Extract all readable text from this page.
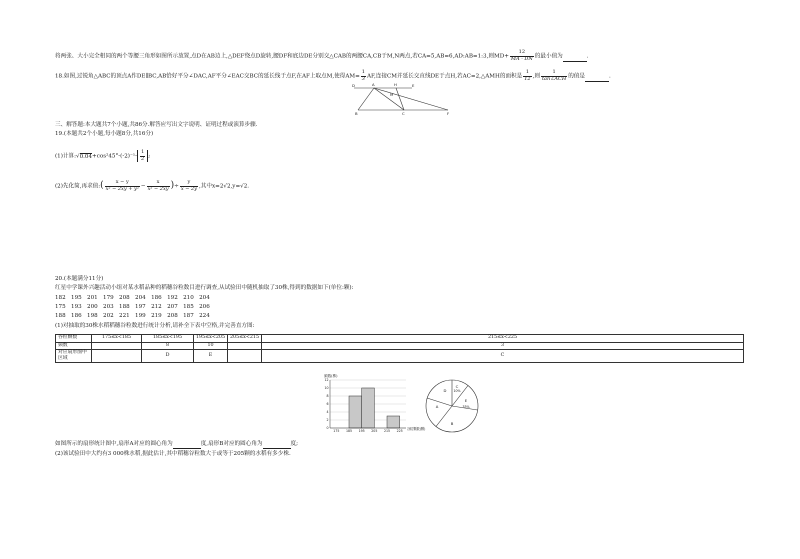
将两张、大小完全相同的两个等腰三角形如图所示放置,点D在AB边上,△DEF绕点D旋转,腰DF和底边DE分别交△CAB的两腰CA,CB于M,N两点,若CA=5,AB=6,AD:AB=1:3,则$MD+ \frac{12}{MA \cdot DN}$ 的最小值为	.
18.如图,过锐角△ABC的顶点A作DE∥BC,AB恰好平分∠DAC,AF平分∠EAC交BC的延长线于点F,在AF上取点M,使得$AM= \frac{1}{3}$ AF,连接CM并延长交直线DE于点H,若AC=2,△AMH的面积是 $\frac{1}{12}$ ,则 $\frac{1}{\text{tan∠ACH}}$ 的值是	.
D	A	E
H
M
B	C	F
三、解答题:本大题共7个小题,共86分.解答应写出文字说明、证明过程或演算步骤.
19.(本题共2个小题,每小题8分,共16分)
(1)计算:√0.04+cos²45°-(-2)⁻¹- $\frac{1}{2}$ ;
(2)先化简,再求值:( $\frac{x - y}{\text{x² − 2xy + y²}} - \frac{x}{\text{x² − 2xy}}$ )÷ $\frac{y}{x - 2y}$ ,其中x=2√2,y=√2.
20.(本题满分11分)
红星中学课外兴趣活动小组对某水稻品种的稻穗谷粒数目进行调查,从试验田中随机抽取了30株,得到的数据如下(单位:颗):
182   195   201   179   208   204   186   192   210   204
175   193   200   203   188   197   212   207   185   206
188   186   198   202   221   199   219   208   187   224
(1)对抽取的30株水稻稻穗谷粒数进行统计分析,请补全下表中空格,并完善直方图:
谷粒颗数	175≤x<185	185≤x<195	195≤x<205	205≤x<215	215≤x<225
频数		8	10		3
对应扇形图中区域		D	E		C
频数(株)
12
10
8
6
4
2
0
175 185 195 205 215 225 谷粒颗数(颗)
A
B
C
10%
D
E
33%
如图所示的扇形统计图中,扇形A对应的圆心角为	度,扇形B对应的圆心角为	度;
(2)该试验田中大约有3 000株水稻,据此估计,其中稻穗谷粒数大于或等于205颗的水稻有多少株.
